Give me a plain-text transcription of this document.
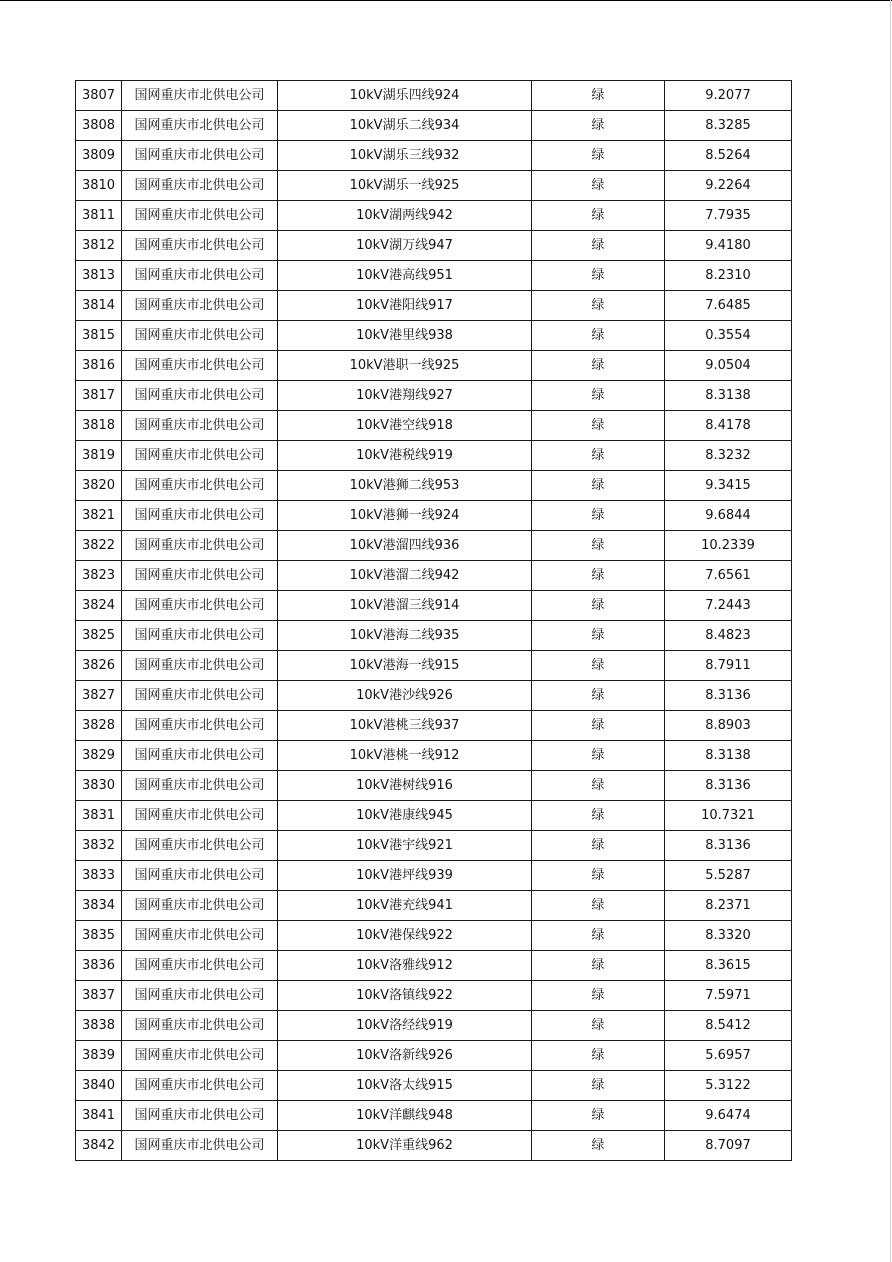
3807	国网重庆市北供电公司	10kV湖乐四线924	绿	9.2077
3808	国网重庆市北供电公司	10kV湖乐二线934	绿	8.3285
3809	国网重庆市北供电公司	10kV湖乐三线932	绿	8.5264
3810	国网重庆市北供电公司	10kV湖乐一线925	绿	9.2264
3811	国网重庆市北供电公司	10kV湖两线942	绿	7.7935
3812	国网重庆市北供电公司	10kV湖万线947	绿	9.4180
3813	国网重庆市北供电公司	10kV港高线951	绿	8.2310
3814	国网重庆市北供电公司	10kV港阳线917	绿	7.6485
3815	国网重庆市北供电公司	10kV港里线938	绿	0.3554
3816	国网重庆市北供电公司	10kV港职一线925	绿	9.0504
3817	国网重庆市北供电公司	10kV港翔线927	绿	8.3138
3818	国网重庆市北供电公司	10kV港空线918	绿	8.4178
3819	国网重庆市北供电公司	10kV港税线919	绿	8.3232
3820	国网重庆市北供电公司	10kV港狮二线953	绿	9.3415
3821	国网重庆市北供电公司	10kV港狮一线924	绿	9.6844
3822	国网重庆市北供电公司	10kV港溜四线936	绿	10.2339
3823	国网重庆市北供电公司	10kV港溜二线942	绿	7.6561
3824	国网重庆市北供电公司	10kV港溜三线914	绿	7.2443
3825	国网重庆市北供电公司	10kV港海二线935	绿	8.4823
3826	国网重庆市北供电公司	10kV港海一线915	绿	8.7911
3827	国网重庆市北供电公司	10kV港沙线926	绿	8.3136
3828	国网重庆市北供电公司	10kV港桃三线937	绿	8.8903
3829	国网重庆市北供电公司	10kV港桃一线912	绿	8.3138
3830	国网重庆市北供电公司	10kV港树线916	绿	8.3136
3831	国网重庆市北供电公司	10kV港康线945	绿	10.7321
3832	国网重庆市北供电公司	10kV港宇线921	绿	8.3136
3833	国网重庆市北供电公司	10kV港坪线939	绿	5.5287
3834	国网重庆市北供电公司	10kV港充线941	绿	8.2371
3835	国网重庆市北供电公司	10kV港保线922	绿	8.3320
3836	国网重庆市北供电公司	10kV洛雅线912	绿	8.3615
3837	国网重庆市北供电公司	10kV洛镇线922	绿	7.5971
3838	国网重庆市北供电公司	10kV洛经线919	绿	8.5412
3839	国网重庆市北供电公司	10kV洛新线926	绿	5.6957
3840	国网重庆市北供电公司	10kV洛太线915	绿	5.3122
3841	国网重庆市北供电公司	10kV洋麒线948	绿	9.6474
3842	国网重庆市北供电公司	10kV洋重线962	绿	8.7097
